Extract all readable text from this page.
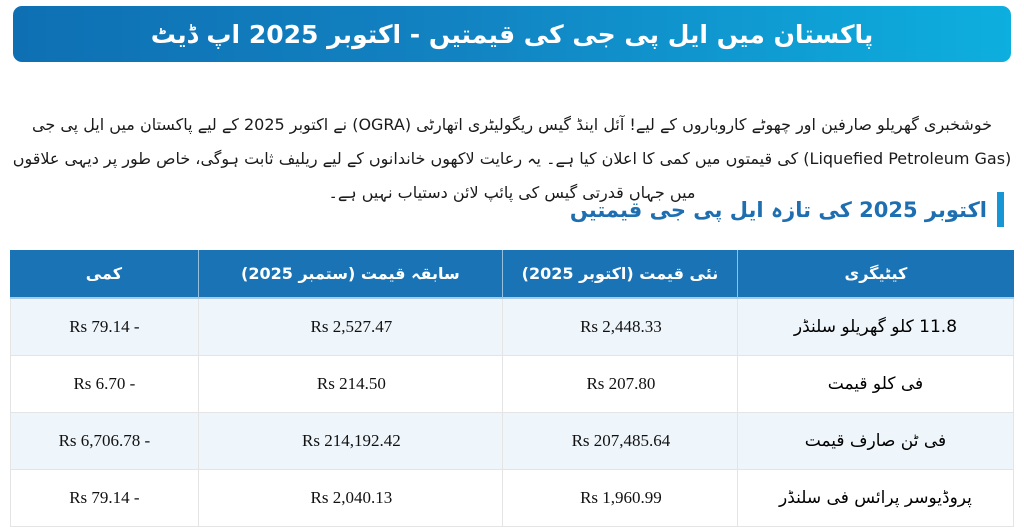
پاکستان میں ایل پی جی کی قیمتیں - اکتوبر 2025 اپ ڈیٹ

خوشخبری گھریلو صارفین اور چھوٹے کاروباروں کے لیے! آئل اینڈ گیس ریگولیٹری اتھارٹی (OGRA) نے اکتوبر 2025 کے لیے پاکستان میں ایل پی جی (Liquefied Petroleum Gas) کی قیمتوں میں کمی کا اعلان کیا ہے۔ یہ رعایت لاکھوں خاندانوں کے لیے ریلیف ثابت ہوگی، خاص طور پر دیہی علاقوں میں جہاں قدرتی گیس کی پائپ لائن دستیاب نہیں ہے۔

اکتوبر 2025 کی تازہ ایل پی جی قیمتیں
کیٹیگری	نئی قیمت (اکتوبر 2025)	سابقہ قیمت (ستمبر 2025)	کمی
11.8 کلو گھریلو سلنڈر	Rs 2,448.33	Rs 2,527.47	Rs 79.14 -
فی کلو قیمت	Rs 207.80	Rs 214.50	Rs 6.70 -
فی ٹن صارف قیمت	Rs 207,485.64	Rs 214,192.42	Rs 6,706.78 -
پروڈیوسر پرائس فی سلنڈر	Rs 1,960.99	Rs 2,040.13	Rs 79.14 -
